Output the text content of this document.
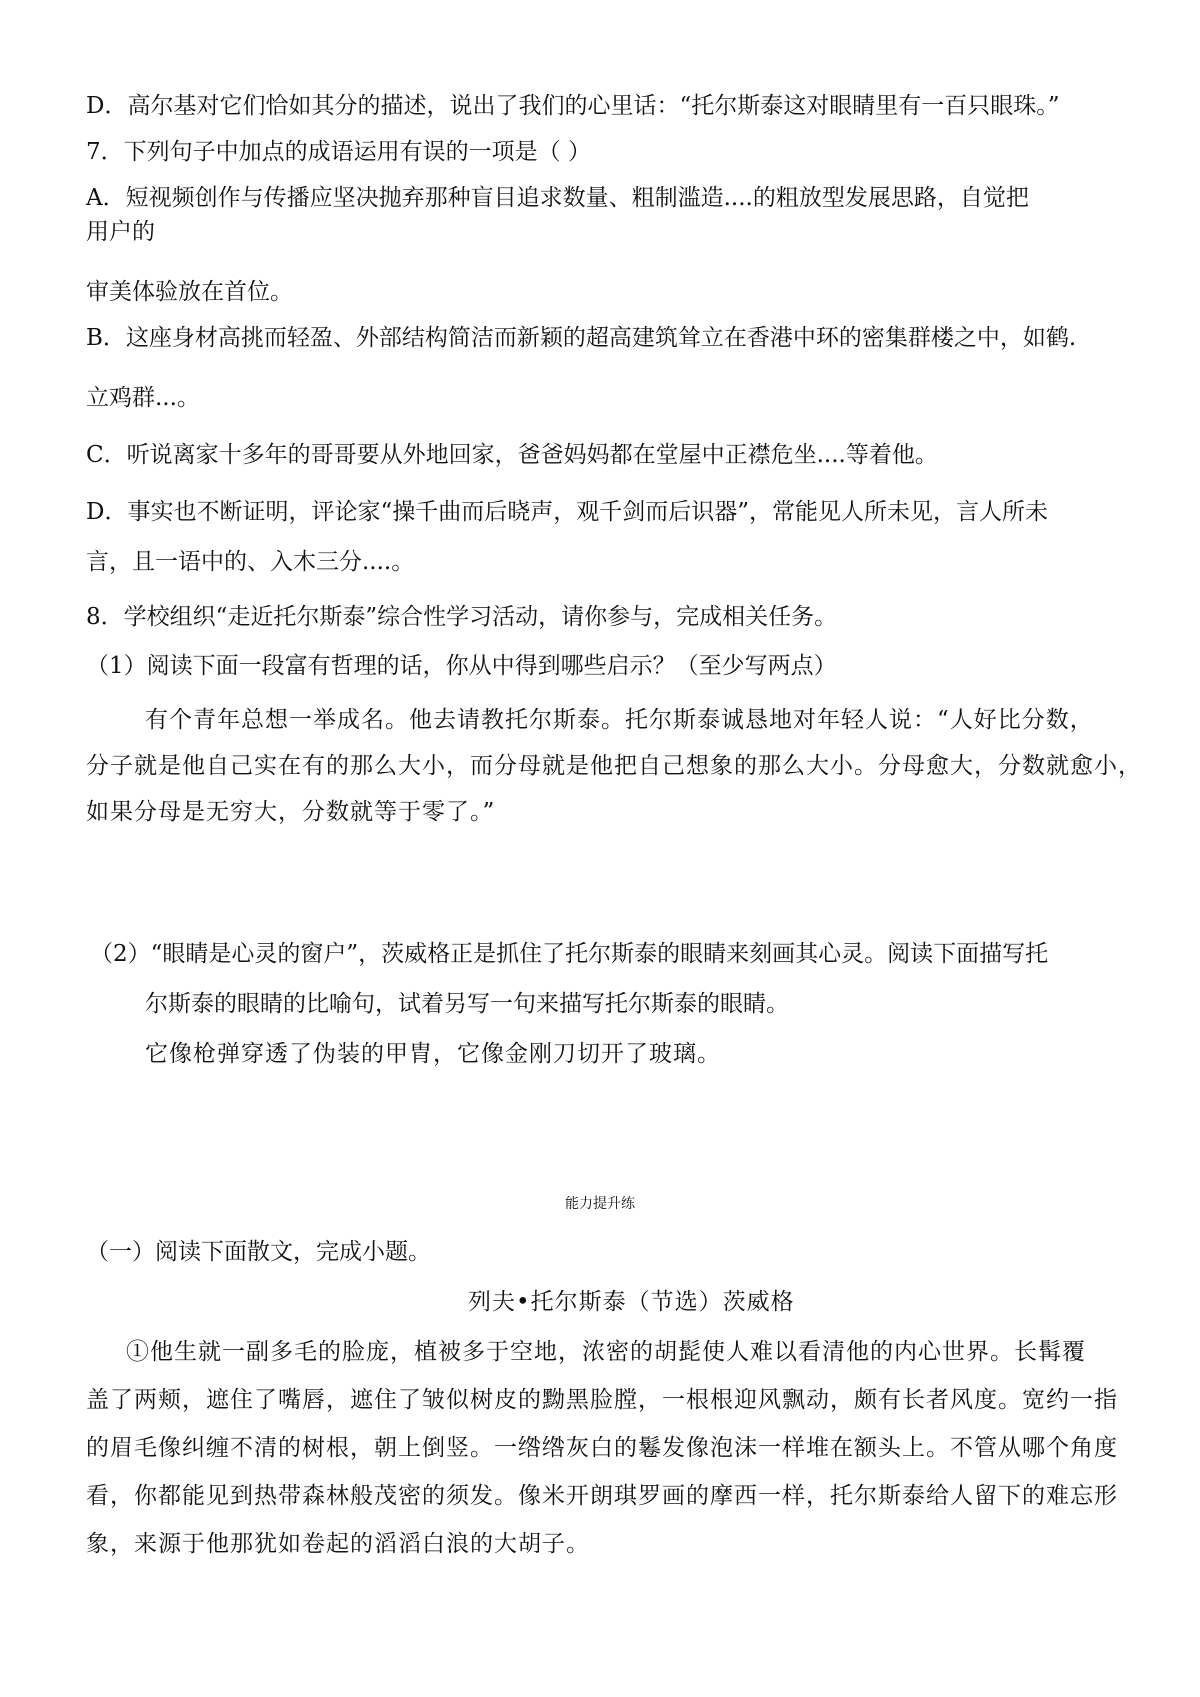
D．高尔基对它们恰如其分的描述，说出了我们的心里话：“托尔斯泰这对眼睛里有一百只眼珠。”

7．下列句子中加点的成语运用有误的一项是（ ）

A．短视频创作与传播应坚决抛弃那种盲目追求数量、粗制滥造....的粗放型发展思路，自觉把

用户的

审美体验放在首位。

B．这座身材高挑而轻盈、外部结构简洁而新颖的超高建筑耸立在香港中环的密集群楼之中，如鹤.

立鸡群...。

C．听说离家十多年的哥哥要从外地回家，爸爸妈妈都在堂屋中正襟危坐....等着他。

D．事实也不断证明，评论家“操千曲而后晓声，观千剑而后识器”，常能见人所未见，言人所未

言，且一语中的、入木三分....。

8．学校组织“走近托尔斯泰”综合性学习活动，请你参与，完成相关任务。

（1）阅读下面一段富有哲理的话，你从中得到哪些启示？（至少写两点）

有个青年总想一举成名。他去请教托尔斯泰。托尔斯泰诚恳地对年轻人说：“人好比分数，

分子就是他自己实在有的那么大小，而分母就是他把自己想象的那么大小。分母愈大，分数就愈小，

如果分母是无穷大，分数就等于零了。”

（2）“眼睛是心灵的窗户”，茨威格正是抓住了托尔斯泰的眼睛来刻画其心灵。阅读下面描写托

尔斯泰的眼睛的比喻句，试着另写一句来描写托尔斯泰的眼睛。

它像枪弹穿透了伪装的甲胄，它像金刚刀切开了玻璃。

能力提升练

（一）阅读下面散文，完成小题。

列夫•托尔斯泰（节选）茨威格

①他生就一副多毛的脸庞，植被多于空地，浓密的胡髭使人难以看清他的内心世界。长髯覆

盖了两颊，遮住了嘴唇，遮住了皱似树皮的黝黑脸膛，一根根迎风飘动，颇有长者风度。宽约一指

的眉毛像纠缠不清的树根，朝上倒竖。一绺绺灰白的鬈发像泡沫一样堆在额头上。不管从哪个角度

看，你都能见到热带森林般茂密的须发。像米开朗琪罗画的摩西一样，托尔斯泰给人留下的难忘形

象，来源于他那犹如卷起的滔滔白浪的大胡子。
